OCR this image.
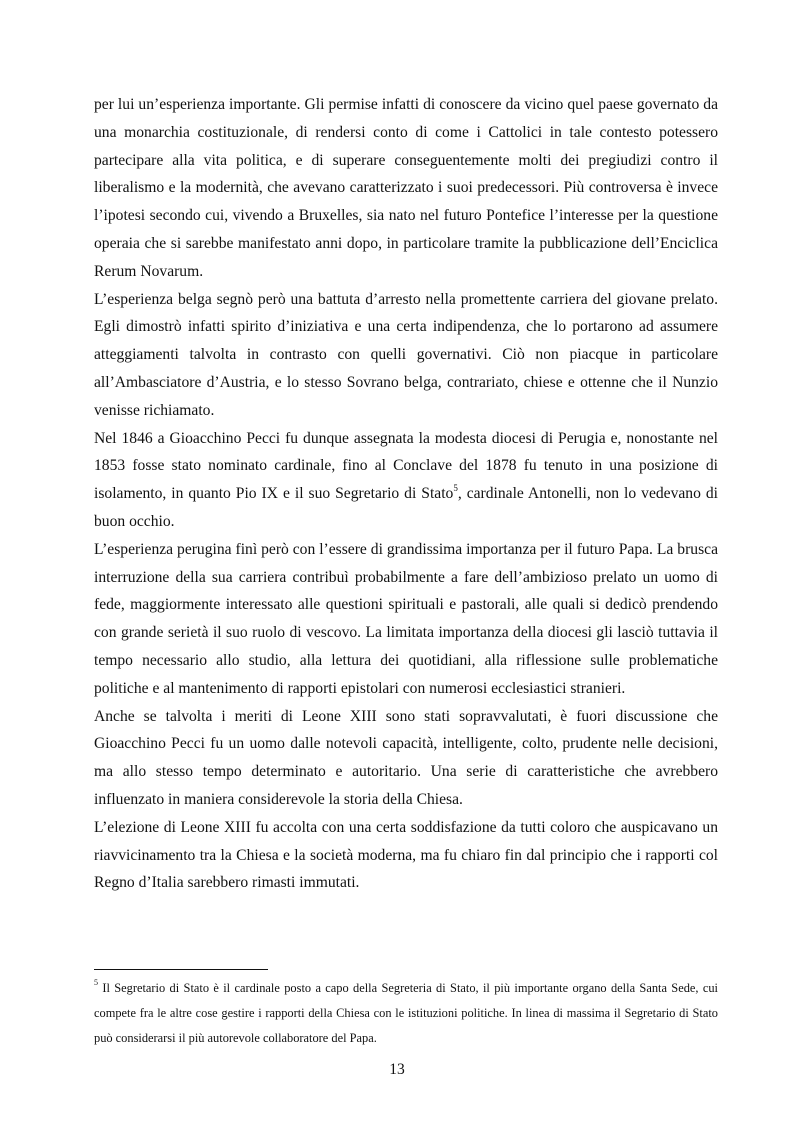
per lui un’esperienza importante. Gli permise infatti di conoscere da vicino quel paese governato da una monarchia costituzionale, di rendersi conto di come i Cattolici in tale contesto potessero partecipare alla vita politica, e di superare conseguentemente molti dei pregiudizi contro il liberalismo e la modernità, che avevano caratterizzato i suoi predecessori. Più controversa è invece l’ipotesi secondo cui, vivendo a Bruxelles, sia nato nel futuro Pontefice l’interesse per la questione operaia che si sarebbe manifestato anni dopo, in particolare tramite la pubblicazione dell’Enciclica Rerum Novarum.

L’esperienza belga segnò però una battuta d’arresto nella promettente carriera del giovane prelato. Egli dimostrò infatti spirito d’iniziativa e una certa indipendenza, che lo portarono ad assumere atteggiamenti talvolta in contrasto con quelli governativi. Ciò non piacque in particolare all’Ambasciatore d’Austria, e lo stesso Sovrano belga, contrariato, chiese e ottenne che il Nunzio venisse richiamato.

Nel 1846 a Gioacchino Pecci fu dunque assegnata la modesta diocesi di Perugia e, nonostante nel 1853 fosse stato nominato cardinale, fino al Conclave del 1878 fu tenuto in una posizione di isolamento, in quanto Pio IX e il suo Segretario di Stato$^5$, cardinale Antonelli, non lo vedevano di buon occhio.

L’esperienza perugina finì però con l’essere di grandissima importanza per il futuro Papa. La brusca interruzione della sua carriera contribuì probabilmente a fare dell’ambizioso prelato un uomo di fede, maggiormente interessato alle questioni spirituali e pastorali, alle quali si dedicò prendendo con grande serietà il suo ruolo di vescovo. La limitata importanza della diocesi gli lasciò tuttavia il tempo necessario allo studio, alla lettura dei quotidiani, alla riflessione sulle problematiche politiche e al mantenimento di rapporti epistolari con numerosi ecclesiastici stranieri.

Anche se talvolta i meriti di Leone XIII sono stati sopravvalutati, è fuori discussione che Gioacchino Pecci fu un uomo dalle notevoli capacità, intelligente, colto, prudente nelle decisioni, ma allo stesso tempo determinato e autoritario. Una serie di caratteristiche che avrebbero influenzato in maniera considerevole la storia della Chiesa.

L’elezione di Leone XIII fu accolta con una certa soddisfazione da tutti coloro che auspicavano un riavvicinamento tra la Chiesa e la società moderna, ma fu chiaro fin dal principio che i rapporti col Regno d’Italia sarebbero rimasti immutati.

$^5$ Il Segretario di Stato è il cardinale posto a capo della Segreteria di Stato, il più importante organo della Santa Sede, cui compete fra le altre cose gestire i rapporti della Chiesa con le istituzioni politiche. In linea di massima il Segretario di Stato può considerarsi il più autorevole collaboratore del Papa.

13
